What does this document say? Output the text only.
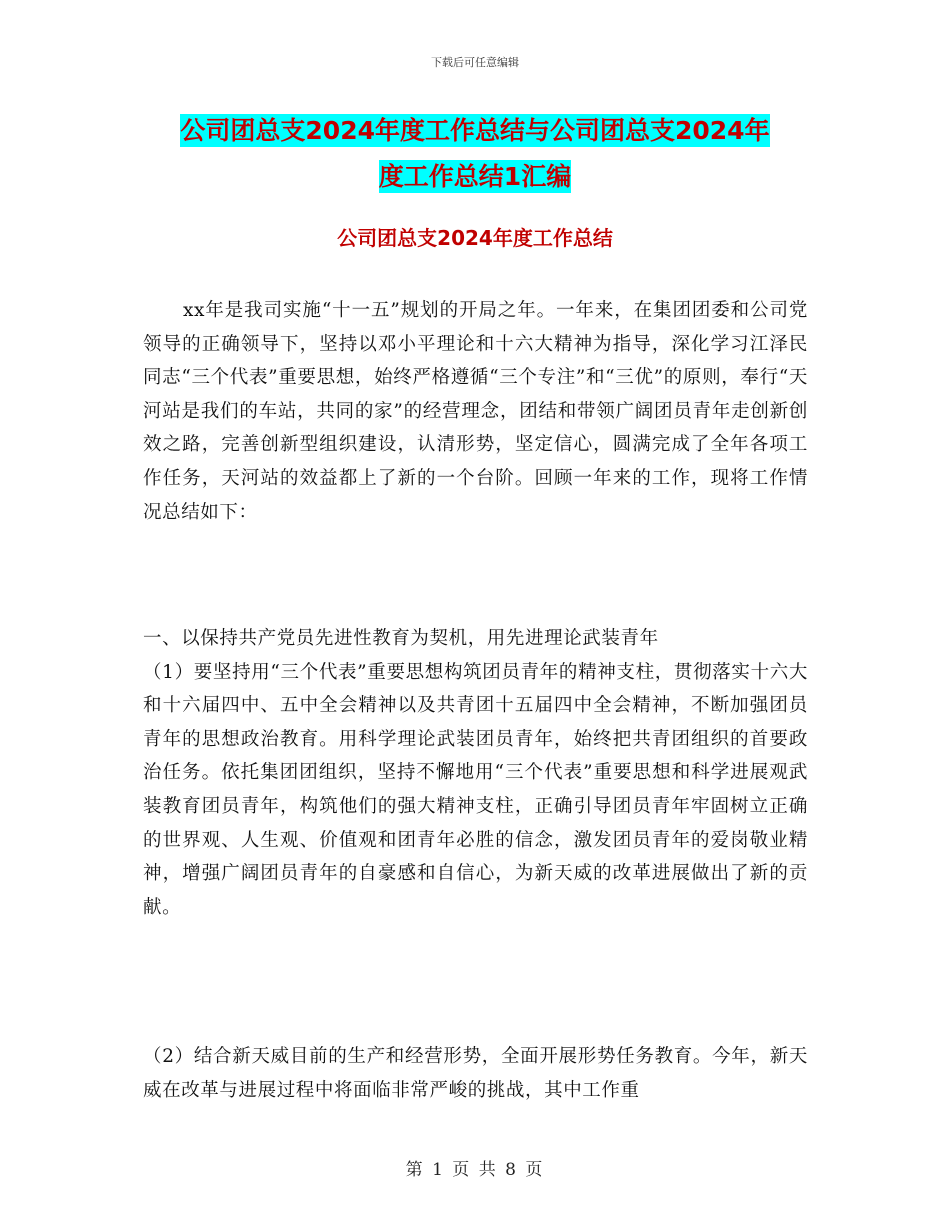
下载后可任意编辑
公司团总支2024年度工作总结与公司团总支2024年
度工作总结1汇编
公司团总支2024年度工作总结
xx年是我司实施“十一五”规划的开局之年。一年来，在集团团委和公司党领导的正确领导下，坚持以邓小平理论和十六大精神为指导，深化学习江泽民同志“三个代表”重要思想，始终严格遵循“三个专注”和“三优”的原则，奉行“天河站是我们的车站，共同的家”的经营理念，团结和带领广阔团员青年走创新创效之路，完善创新型组织建设，认清形势，坚定信心，圆满完成了全年各项工作任务，天河站的效益都上了新的一个台阶。回顾一年来的工作，现将工作情况总结如下：
一、以保持共产党员先进性教育为契机，用先进理论武装青年
（1）要坚持用“三个代表”重要思想构筑团员青年的精神支柱，贯彻落实十六大和十六届四中、五中全会精神以及共青团十五届四中全会精神，不断加强团员青年的思想政治教育。用科学理论武装团员青年，始终把共青团组织的首要政治任务。依托集团团组织，坚持不懈地用“三个代表”重要思想和科学进展观武装教育团员青年，构筑他们的强大精神支柱，正确引导团员青年牢固树立正确的世界观、人生观、价值观和团青年必胜的信念，激发团员青年的爱岗敬业精神，增强广阔团员青年的自豪感和自信心，为新天威的改革进展做出了新的贡献。
（2）结合新天威目前的生产和经营形势，全面开展形势任务教育。今年，新天威在改革与进展过程中将面临非常严峻的挑战，其中工作重
第 1 页 共 8 页
